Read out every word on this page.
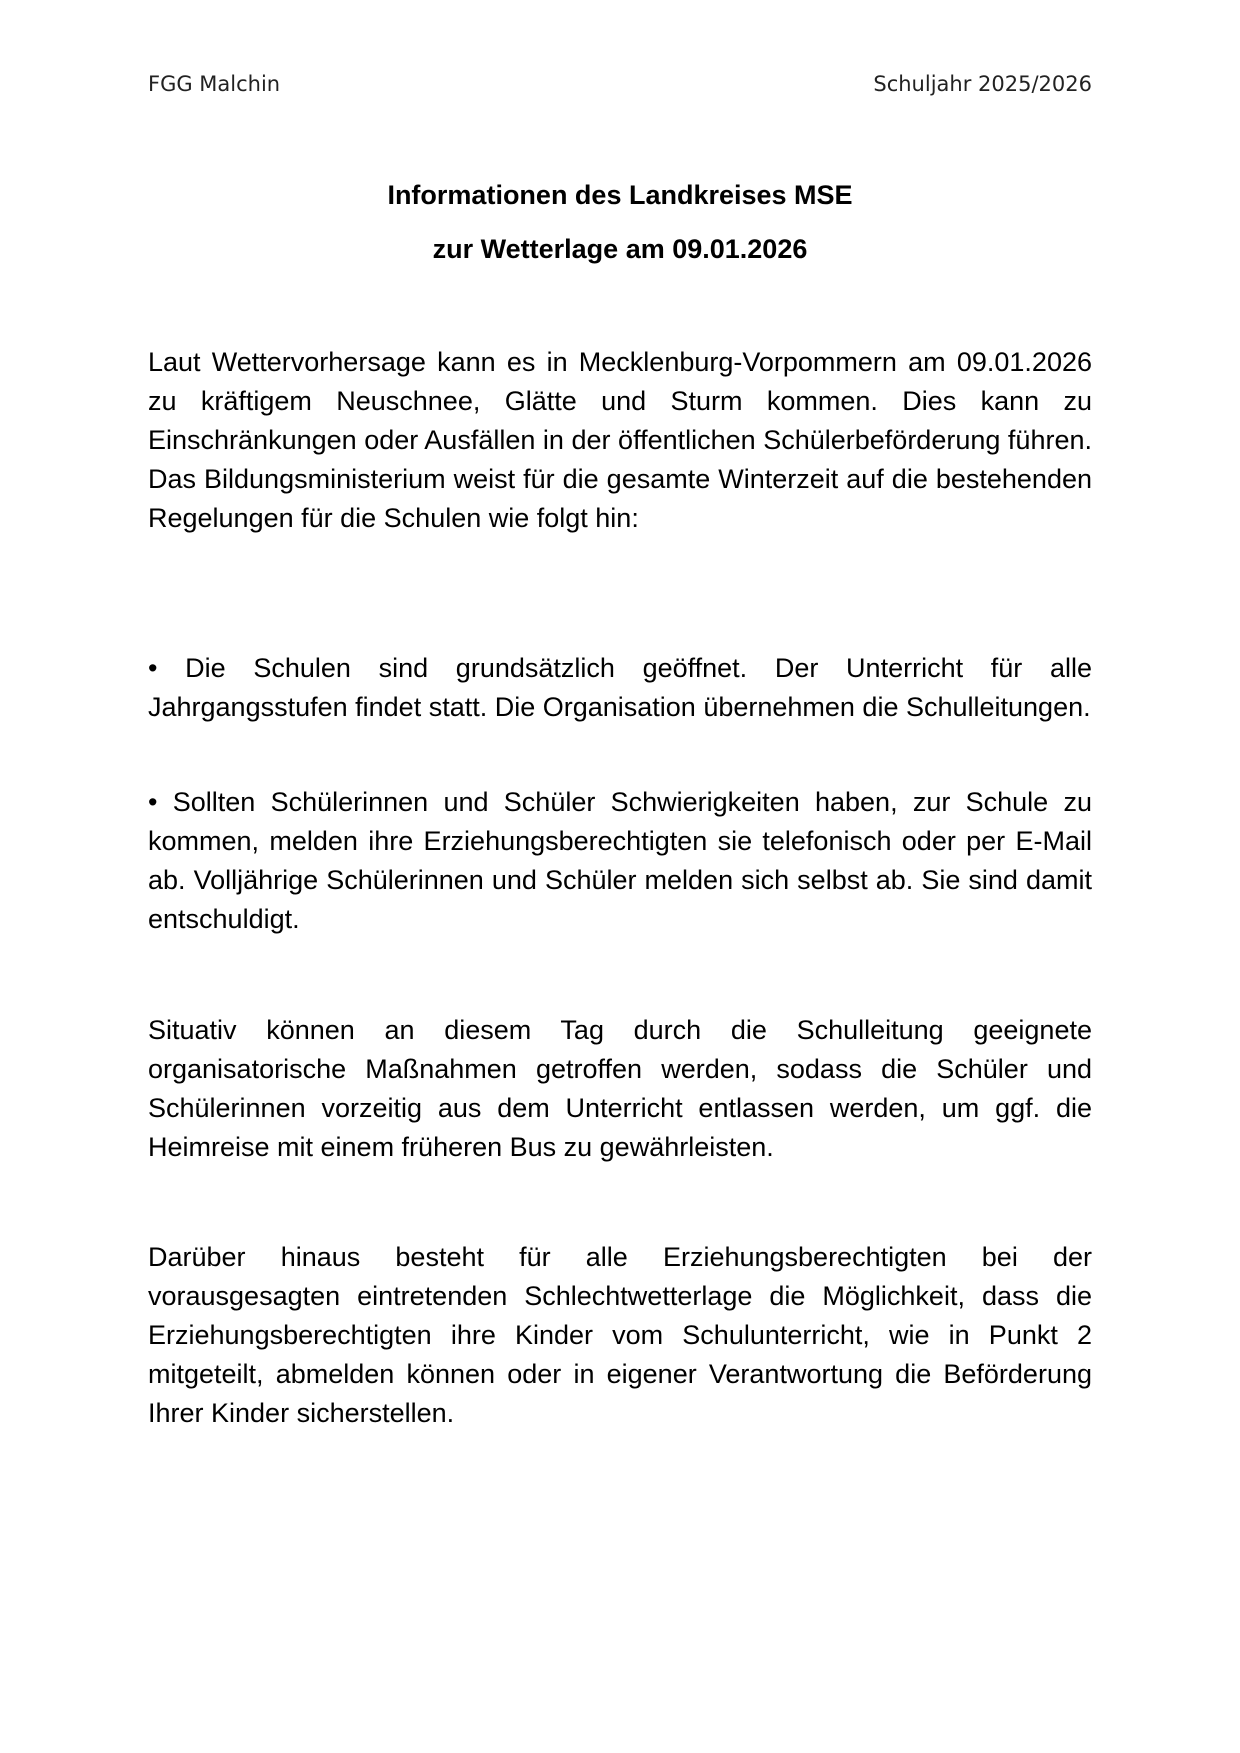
FGG Malchin	Schuljahr 2025/2026
Informationen des Landkreises MSE
zur Wetterlage am 09.01.2026

Laut Wettervorhersage kann es in Mecklenburg-Vorpommern am 09.01.2026 zu kräftigem Neuschnee, Glätte und Sturm kommen. Dies kann zu Einschränkungen oder Ausfällen in der öffentlichen Schülerbeförderung führen. Das Bildungsministerium weist für die gesamte Winterzeit auf die bestehenden Regelungen für die Schulen wie folgt hin:

• Die Schulen sind grundsätzlich geöffnet. Der Unterricht für alle Jahrgangsstufen findet statt. Die Organisation übernehmen die Schulleitungen.

• Sollten Schülerinnen und Schüler Schwierigkeiten haben, zur Schule zu kommen, melden ihre Erziehungsberechtigten sie telefonisch oder per E-Mail ab. Volljährige Schülerinnen und Schüler melden sich selbst ab. Sie sind damit entschuldigt.

Situativ können an diesem Tag durch die Schulleitung geeignete organisatorische Maßnahmen getroffen werden, sodass die Schüler und Schülerinnen vorzeitig aus dem Unterricht entlassen werden, um ggf. die Heimreise mit einem früheren Bus zu gewährleisten.

Darüber hinaus besteht für alle Erziehungsberechtigten bei der vorausgesagten eintretenden Schlechtwetterlage die Möglichkeit, dass die Erziehungsberechtigten ihre Kinder vom Schulunterricht, wie in Punkt 2 mitgeteilt, abmelden können oder in eigener Verantwortung die Beförderung Ihrer Kinder sicherstellen.
